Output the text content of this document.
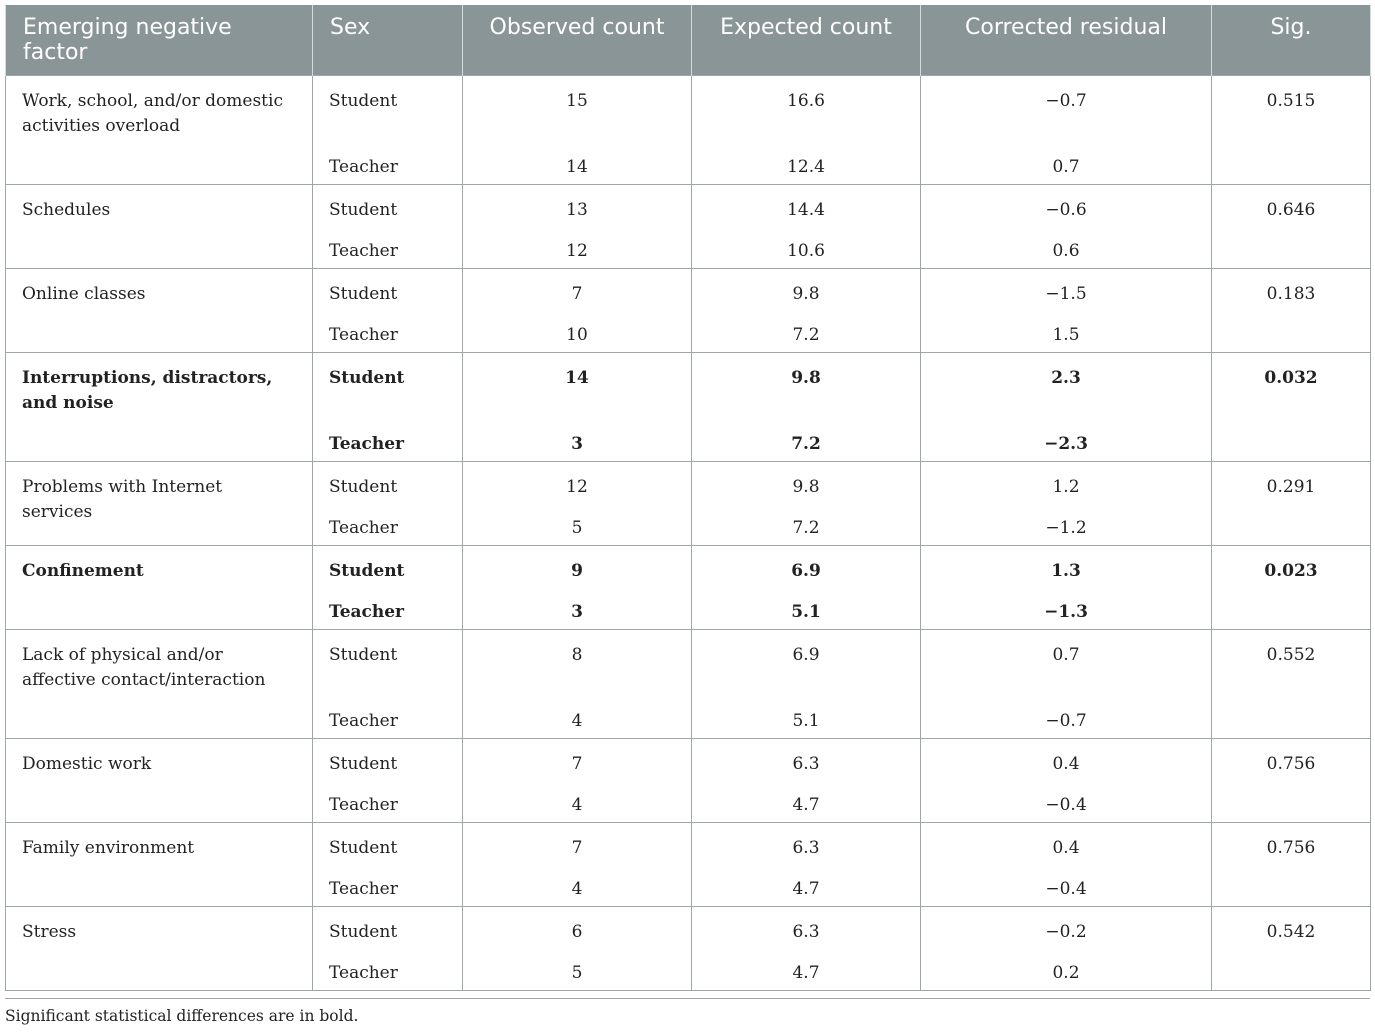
Emerging negative factor	Sex	Observed count	Expected count	Corrected residual	Sig.
Work, school, and/or domestic activities overload	Student	15	16.6	−0.7	0.515
	Teacher	14	12.4	0.7	
Schedules	Student	13	14.4	−0.6	0.646
	Teacher	12	10.6	0.6	
Online classes	Student	7	9.8	−1.5	0.183
	Teacher	10	7.2	1.5	
Interruptions, distractors, and noise	Student	14	9.8	2.3	0.032
	Teacher	3	7.2	−2.3	
Problems with Internet services	Student	12	9.8	1.2	0.291
	Teacher	5	7.2	−1.2	
Confinement	Student	9	6.9	1.3	0.023
	Teacher	3	5.1	−1.3	
Lack of physical and/or affective contact/interaction	Student	8	6.9	0.7	0.552
	Teacher	4	5.1	−0.7	
Domestic work	Student	7	6.3	0.4	0.756
	Teacher	4	4.7	−0.4	
Family environment	Student	7	6.3	0.4	0.756
	Teacher	4	4.7	−0.4	
Stress	Student	6	6.3	−0.2	0.542
	Teacher	5	4.7	0.2	
Significant statistical differences are in bold.
